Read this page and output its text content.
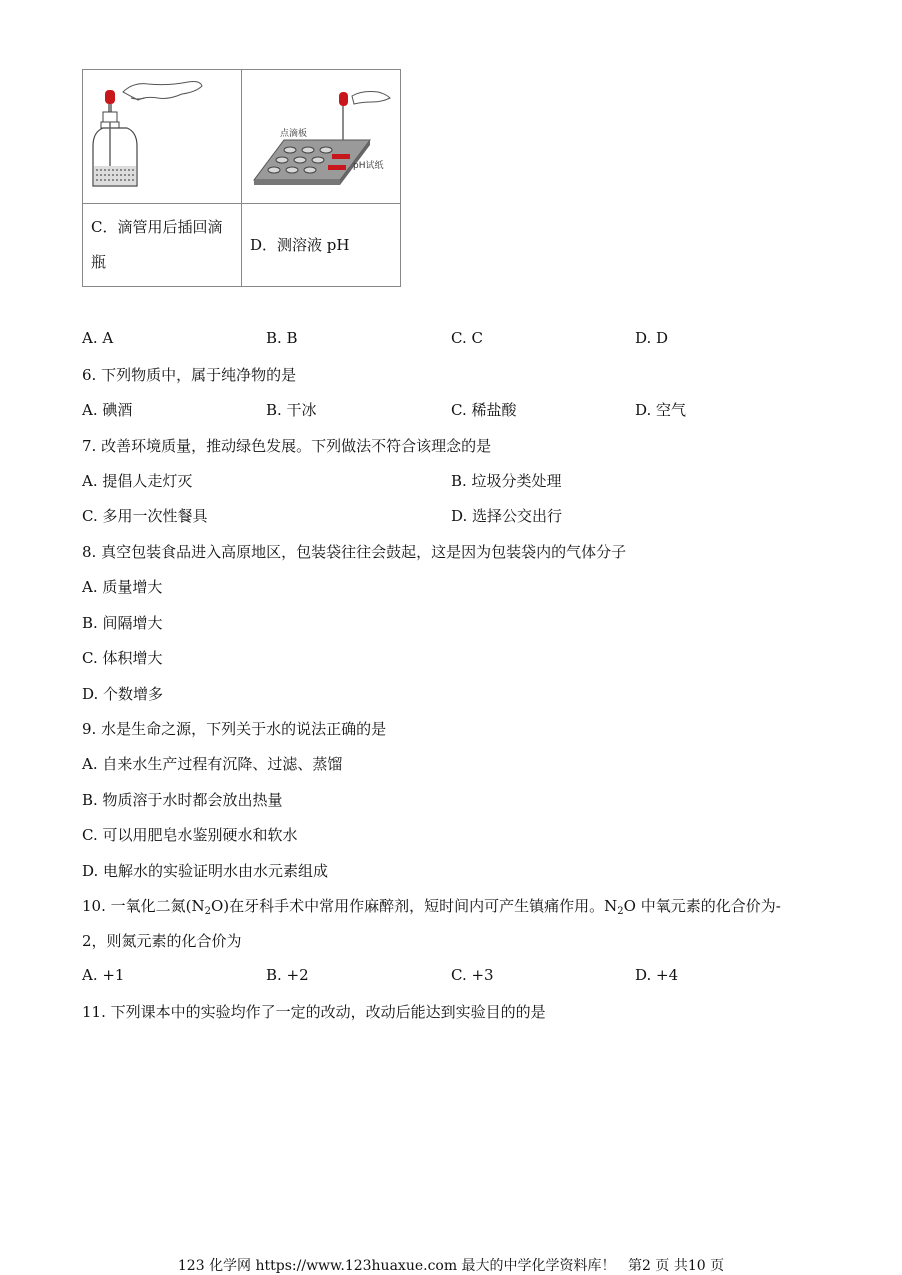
点滴板
pH试纸

C．滴管用后插回滴瓶	D．测溶液 pH
A. A	B. B	C. C	D. D
6. 下列物质中，属于纯净物的是
A. 碘酒	B. 干冰	C. 稀盐酸	D. 空气
7. 改善环境质量，推动绿色发展。下列做法不符合该理念的是
A. 提倡人走灯灭	B. 垃圾分类处理
C. 多用一次性餐具	D. 选择公交出行
8. 真空包装食品进入高原地区，包装袋往往会鼓起，这是因为包装袋内的气体分子
A. 质量增大
B. 间隔增大
C. 体积增大
D. 个数增多
9. 水是生命之源，下列关于水的说法正确的是
A. 自来水生产过程有沉降、过滤、蒸馏
B. 物质溶于水时都会放出热量
C. 可以用肥皂水鉴别硬水和软水
D. 电解水的实验证明水由水元素组成
10. 一氧化二氮$(N_2O)$在牙科手术中常用作麻醉剂，短时间内可产生镇痛作用。$N_2O$ 中氧元素的化合价为-
2，则氮元素的化合价为
A. +1	B. +2	C. +3	D. +4
11. 下列课本中的实验均作了一定的改动，改动后能达到实验目的的是
123 化学网 https://www.123huaxue.com 最大的中学化学资料库！ 第2 页 共10 页
